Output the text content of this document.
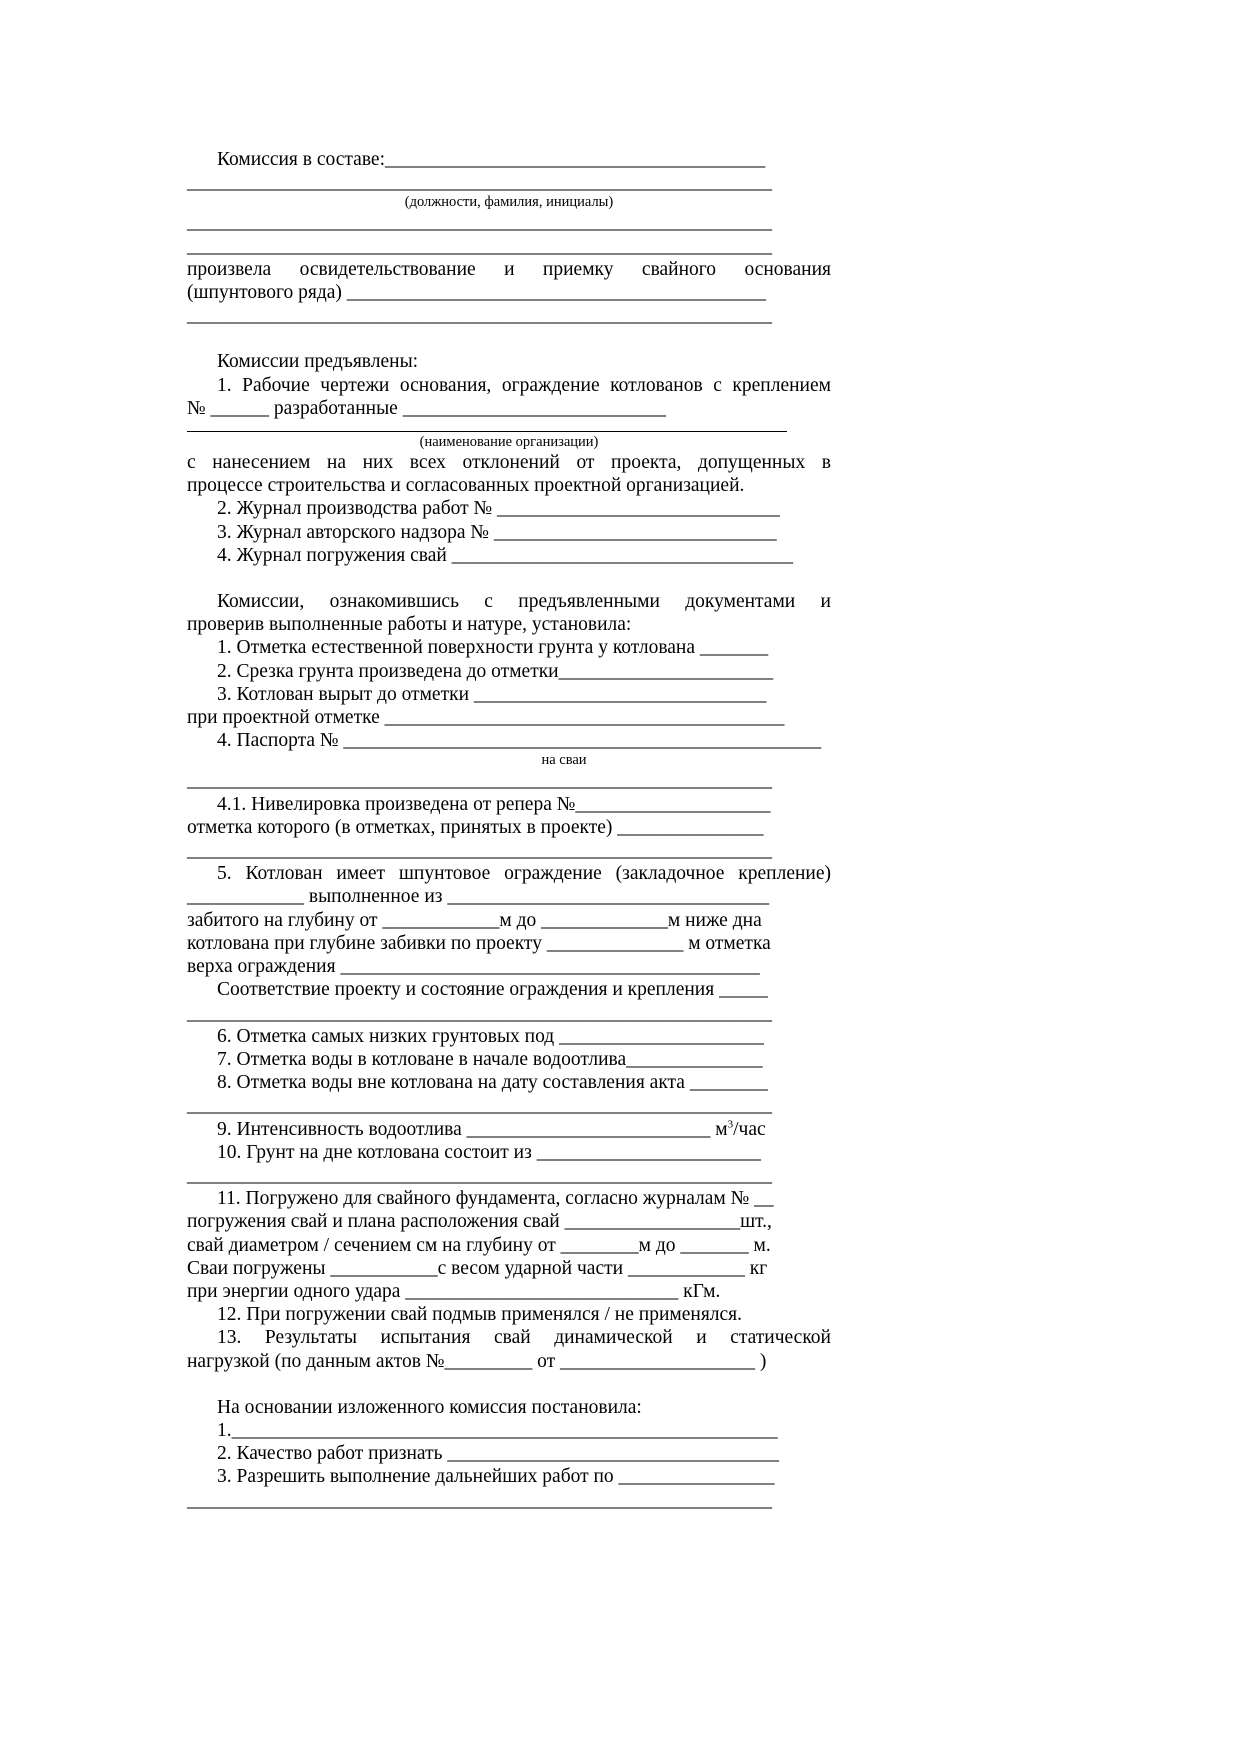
Комиссия в составе:_______________________________________
____________________________________________________________
(должности, фамилия, инициалы)
____________________________________________________________
____________________________________________________________
произвела освидетельствование и приемку свайного основания
(шпунтового ряда) ___________________________________________
____________________________________________________________
Комиссии предъявлены:
1. Рабочие чертежи основания, ограждение котлованов с креплением
№ ______ разработанные ___________________________
(наименование организации)
с нанесением на них всех отклонений от проекта, допущенных в
процессе строительства и согласованных проектной организацией.
2. Журнал производства работ № _____________________________
3. Журнал авторского надзора № _____________________________
4. Журнал погружения свай ___________________________________
Комиссии, ознакомившись с предъявленными документами и
проверив выполненные работы и натуре, установила:
1. Отметка естественной поверхности грунта у котлована _______
2. Срезка грунта произведена до отметки______________________
3. Котлован вырыт до отметки ______________________________
при проектной отметке _________________________________________
4. Паспорта № _________________________________________________
на сваи
____________________________________________________________
4.1. Нивелировка произведена от репера №____________________
отметка которого (в отметках, принятых в проекте) _______________
____________________________________________________________
5. Котлован имеет шпунтовое ограждение (закладочное крепление)
____________ выполненное из _________________________________
забитого на глубину от ____________м до _____________м ниже дна
котлована при глубине забивки по проекту ______________ м отметка
верха ограждения ___________________________________________
Соответствие проекту и состояние ограждения и крепления _____
____________________________________________________________
6. Отметка самых низких грунтовых под _____________________
7. Отметка воды в котловане в начале водоотлива______________
8. Отметка воды вне котлована на дату составления акта ________
____________________________________________________________
9. Интенсивность водоотлива _________________________ $м^3$/час
10. Грунт на дне котлована состоит из _______________________
____________________________________________________________
11. Погружено для свайного фундамента, согласно журналам № __
погружения свай и плана расположения свай __________________шт.,
свай диаметром / сечением см на глубину от ________м до _______ м.
Сваи погружены ___________с весом ударной части ____________ кг
при энергии одного удара ____________________________ кГм.
12. При погружении свай подмыв применялся / не применялся.
13. Результаты испытания свай динамической и статической
нагрузкой (по данным актов №_________ от ____________________ )
На основании изложенного комиссия постановила:
1.________________________________________________________
2. Качество работ признать __________________________________
3. Разрешить выполнение дальнейших работ по ________________
____________________________________________________________
